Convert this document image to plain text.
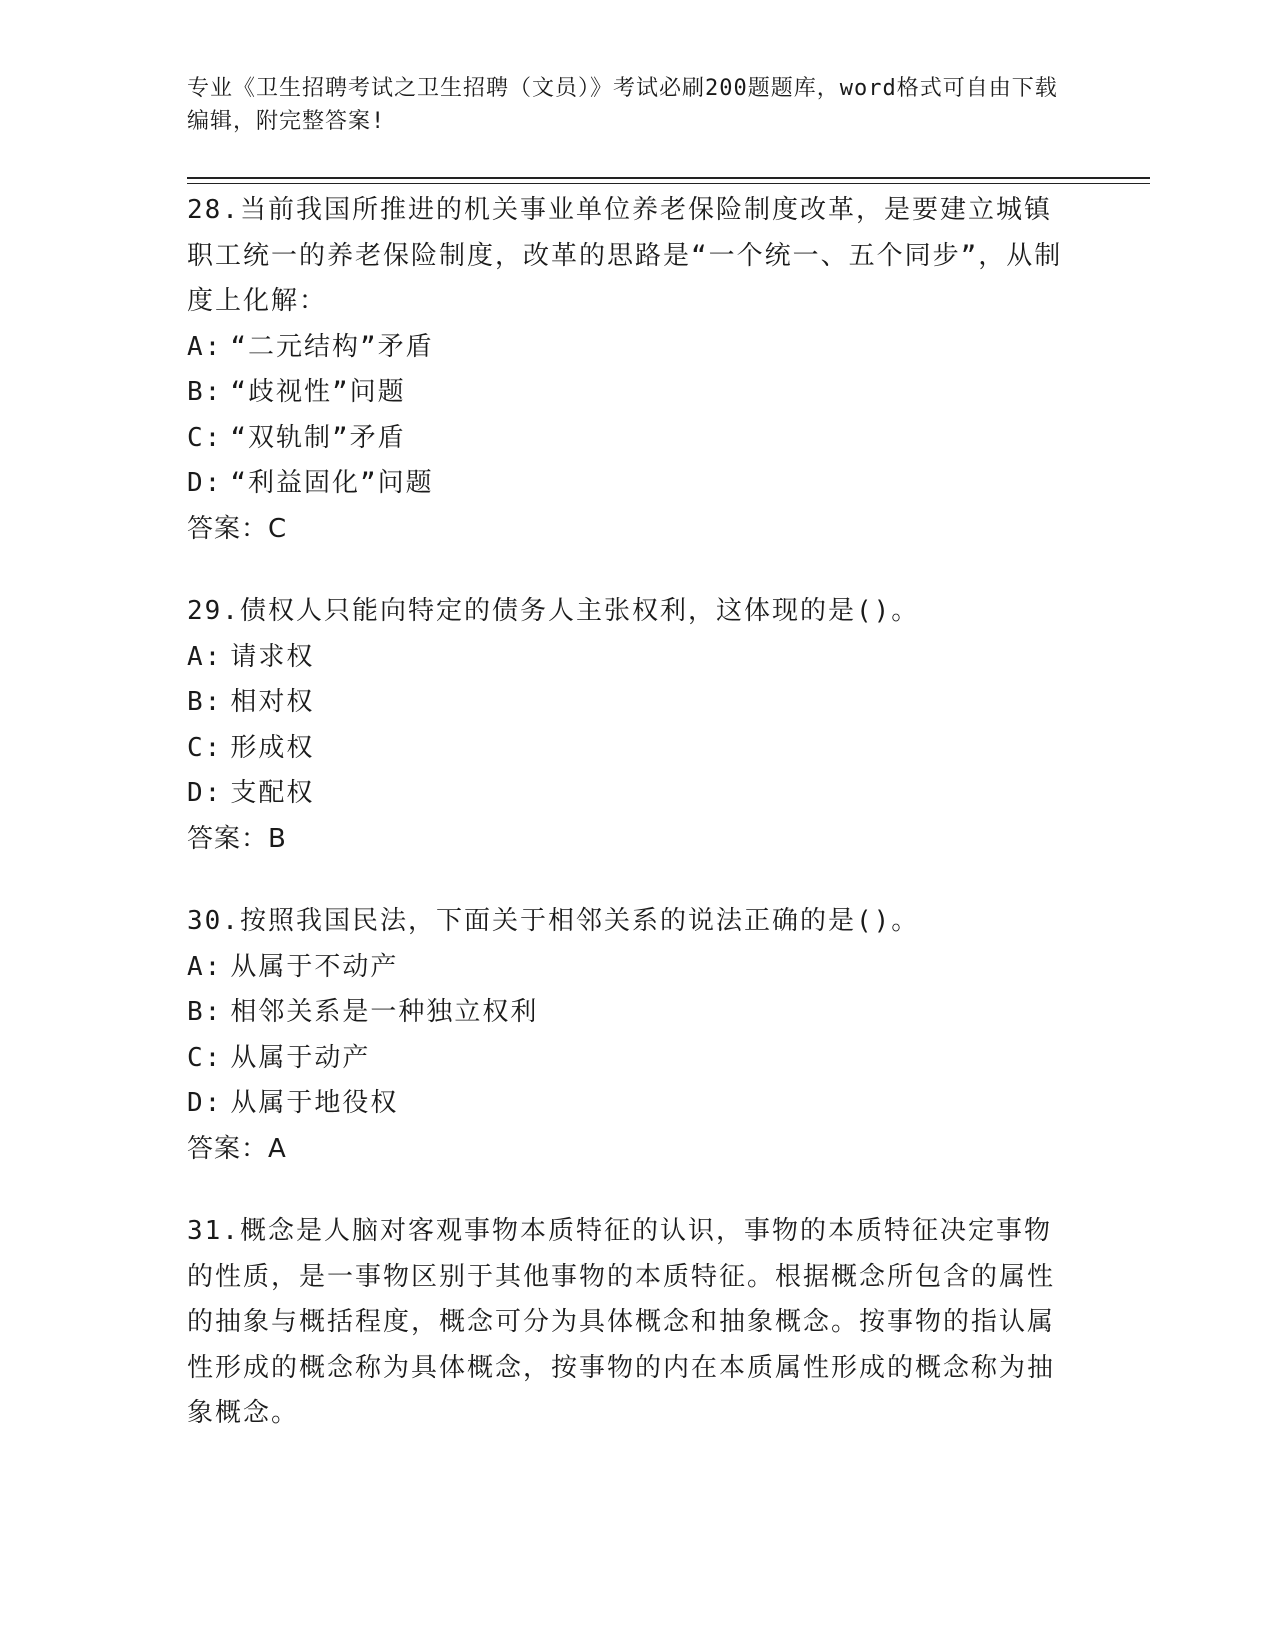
专业《卫生招聘考试之卫生招聘（文员）》考试必刷200题题库，word格式可自由下载编辑，附完整答案!
28.当前我国所推进的机关事业单位养老保险制度改革，是要建立城镇职工统一的养老保险制度，改革的思路是“一个统一、五个同步”，从制度上化解：
A: “二元结构”矛盾
B: “歧视性”问题
C: “双轨制”矛盾
D: “利益固化”问题
答案：C
29.债权人只能向特定的债务人主张权利，这体现的是()。
A: 请求权
B: 相对权
C: 形成权
D: 支配权
答案：B
30.按照我国民法，下面关于相邻关系的说法正确的是()。
A: 从属于不动产
B: 相邻关系是一种独立权利
C: 从属于动产
D: 从属于地役权
答案：A
31.概念是人脑对客观事物本质特征的认识，事物的本质特征决定事物的性质，是一事物区别于其他事物的本质特征。根据概念所包含的属性的抽象与概括程度，概念可分为具体概念和抽象概念。按事物的指认属性形成的概念称为具体概念，按事物的内在本质属性形成的概念称为抽象概念。
